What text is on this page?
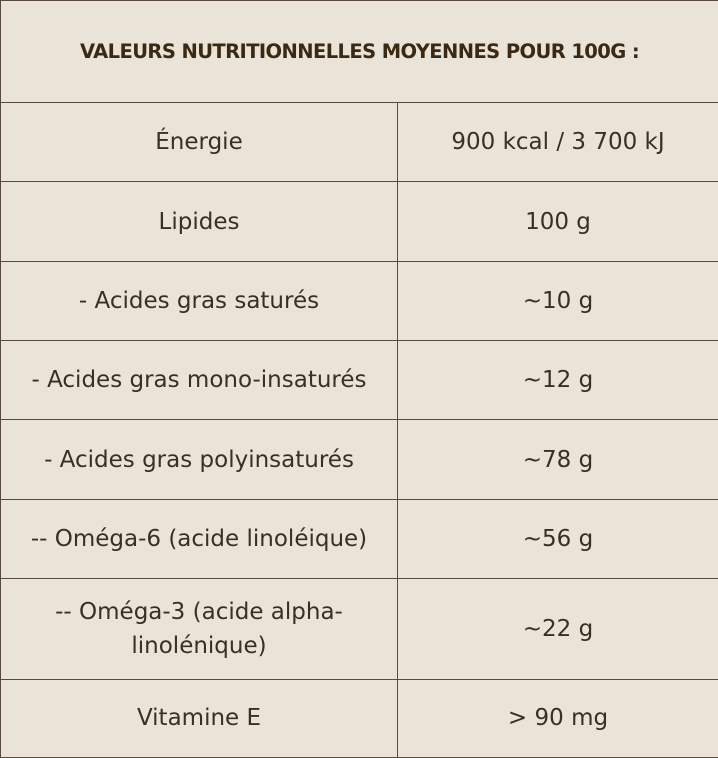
VALEURS NUTRITIONNELLES MOYENNES POUR 100G :	
Énergie	900 kcal / 3 700 kJ
Lipides	100 g
- Acides gras saturés	~10 g
- Acides gras mono-insaturés	~12 g
- Acides gras polyinsaturés	~78 g
-- Oméga-6 (acide linoléique)	~56 g
-- Oméga-3 (acide alpha-linolénique)	~22 g
Vitamine E	> 90 mg
